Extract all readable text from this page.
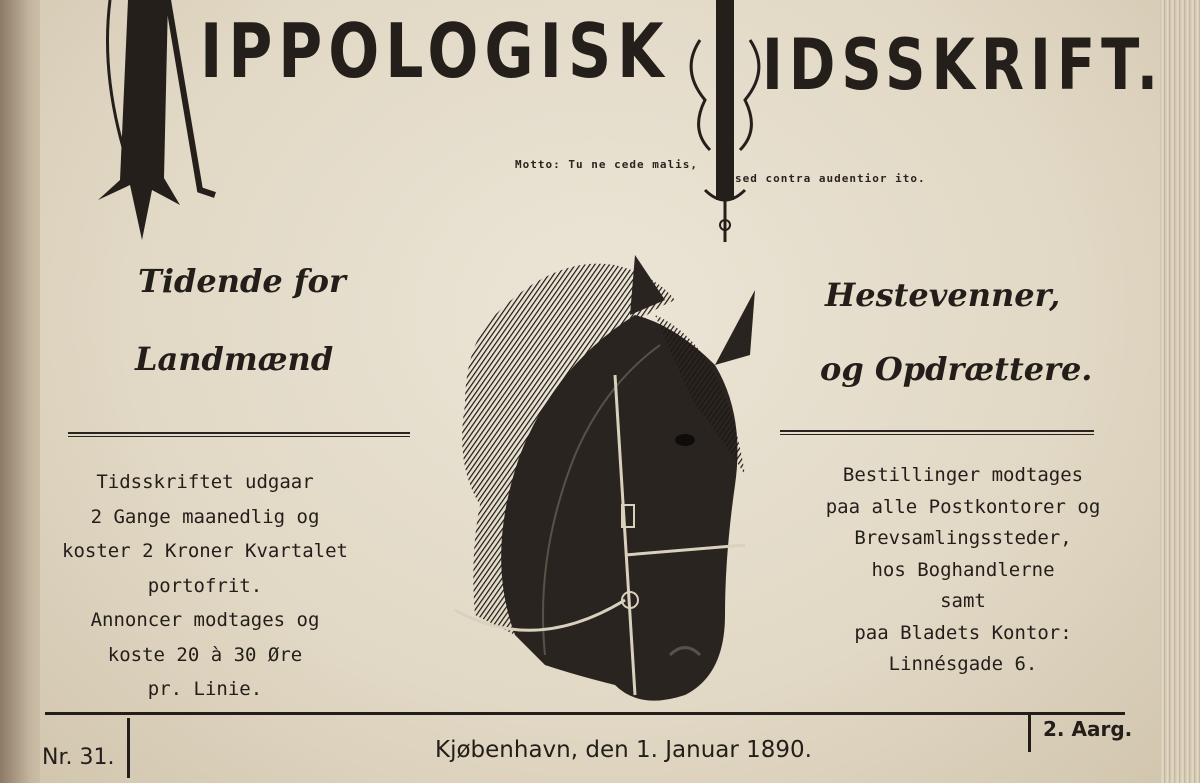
IPPOLOGISK IDSSKRIFT.
Motto: Tu ne cede malis,
sed contra audentior ito.
Tidende for
Landmænd
Hestevenner,
og Opdrættere.
Tidsskriftet udgaar
2 Gange maanedlig og
koster 2 Kroner Kvartalet
portofrit.
Annoncer modtages og
koste 20 à 30 Øre
pr. Linie.
Bestillinger modtages
paa alle Postkontorer og
Brevsamlingssteder,
hos Boghandlerne
samt
paa Bladets Kontor:
Linnésgade 6.
Nr. 31.	Kjøbenhavn, den 1. Januar 1890.
2. Aarg.
